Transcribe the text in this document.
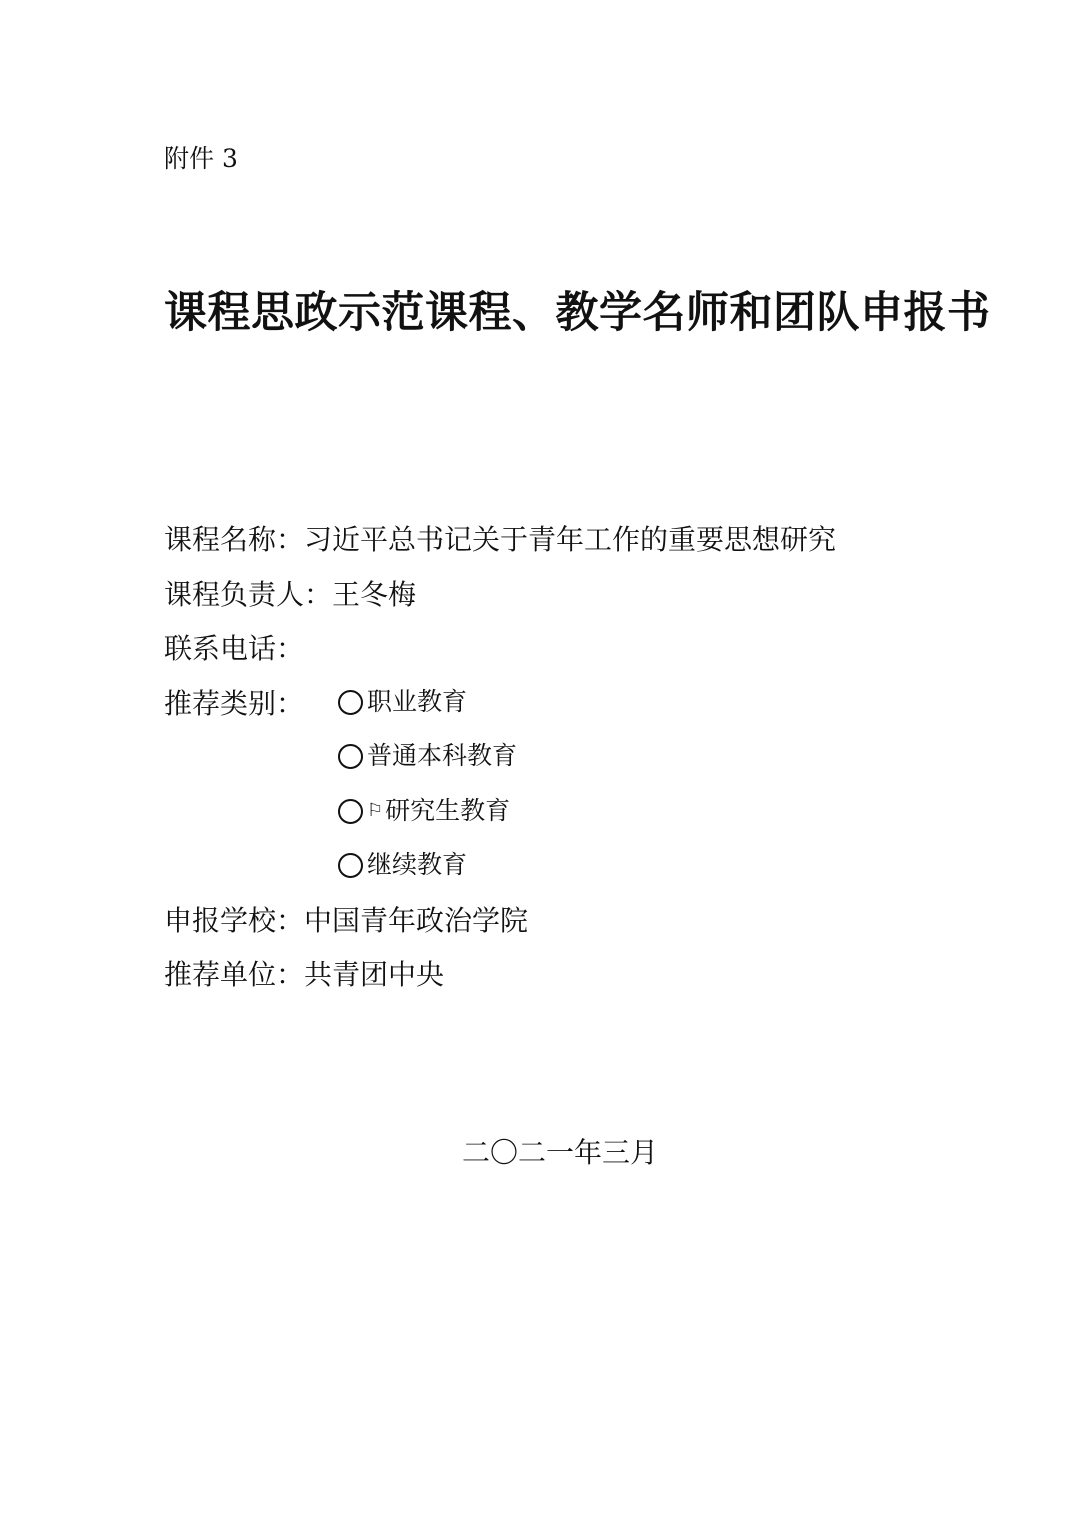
附件 3
课程思政示范课程、教学名师和团队申报书
课程名称：习近平总书记关于青年工作的重要思想研究
课程负责人：王冬梅
联系电话：
推荐类别：	职业教育
普通本科教育
⚐ 研究生教育
继续教育
申报学校：中国青年政治学院
推荐单位：共青团中央
二〇二一年三月
